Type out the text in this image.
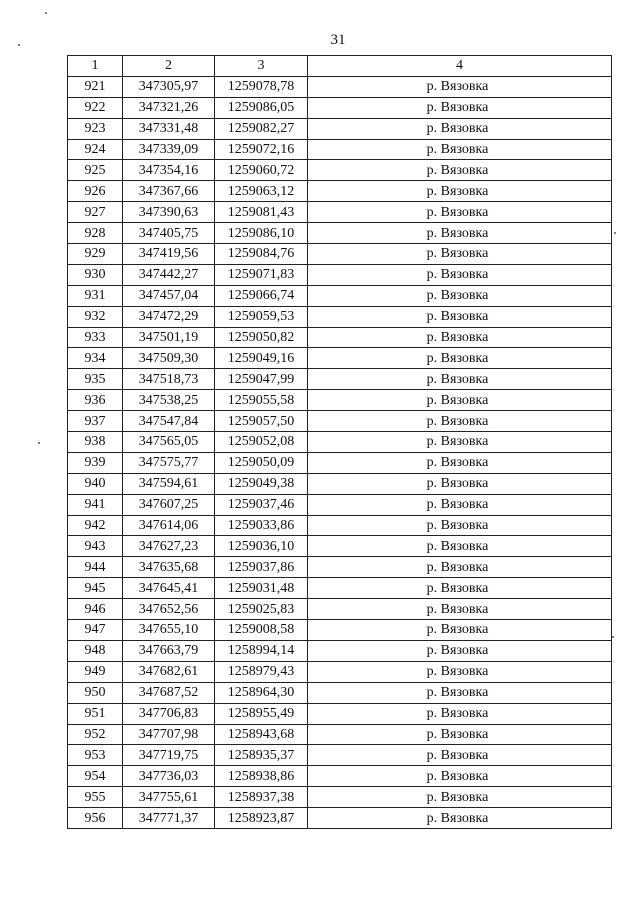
31
1	2	3	4
921	347305,97	1259078,78	р. Вязовка
922	347321,26	1259086,05	р. Вязовка
923	347331,48	1259082,27	р. Вязовка
924	347339,09	1259072,16	р. Вязовка
925	347354,16	1259060,72	р. Вязовка
926	347367,66	1259063,12	р. Вязовка
927	347390,63	1259081,43	р. Вязовка
928	347405,75	1259086,10	р. Вязовка
929	347419,56	1259084,76	р. Вязовка
930	347442,27	1259071,83	р. Вязовка
931	347457,04	1259066,74	р. Вязовка
932	347472,29	1259059,53	р. Вязовка
933	347501,19	1259050,82	р. Вязовка
934	347509,30	1259049,16	р. Вязовка
935	347518,73	1259047,99	р. Вязовка
936	347538,25	1259055,58	р. Вязовка
937	347547,84	1259057,50	р. Вязовка
938	347565,05	1259052,08	р. Вязовка
939	347575,77	1259050,09	р. Вязовка
940	347594,61	1259049,38	р. Вязовка
941	347607,25	1259037,46	р. Вязовка
942	347614,06	1259033,86	р. Вязовка
943	347627,23	1259036,10	р. Вязовка
944	347635,68	1259037,86	р. Вязовка
945	347645,41	1259031,48	р. Вязовка
946	347652,56	1259025,83	р. Вязовка
947	347655,10	1259008,58	р. Вязовка
948	347663,79	1258994,14	р. Вязовка
949	347682,61	1258979,43	р. Вязовка
950	347687,52	1258964,30	р. Вязовка
951	347706,83	1258955,49	р. Вязовка
952	347707,98	1258943,68	р. Вязовка
953	347719,75	1258935,37	р. Вязовка
954	347736,03	1258938,86	р. Вязовка
955	347755,61	1258937,38	р. Вязовка
956	347771,37	1258923,87	р. Вязовка
